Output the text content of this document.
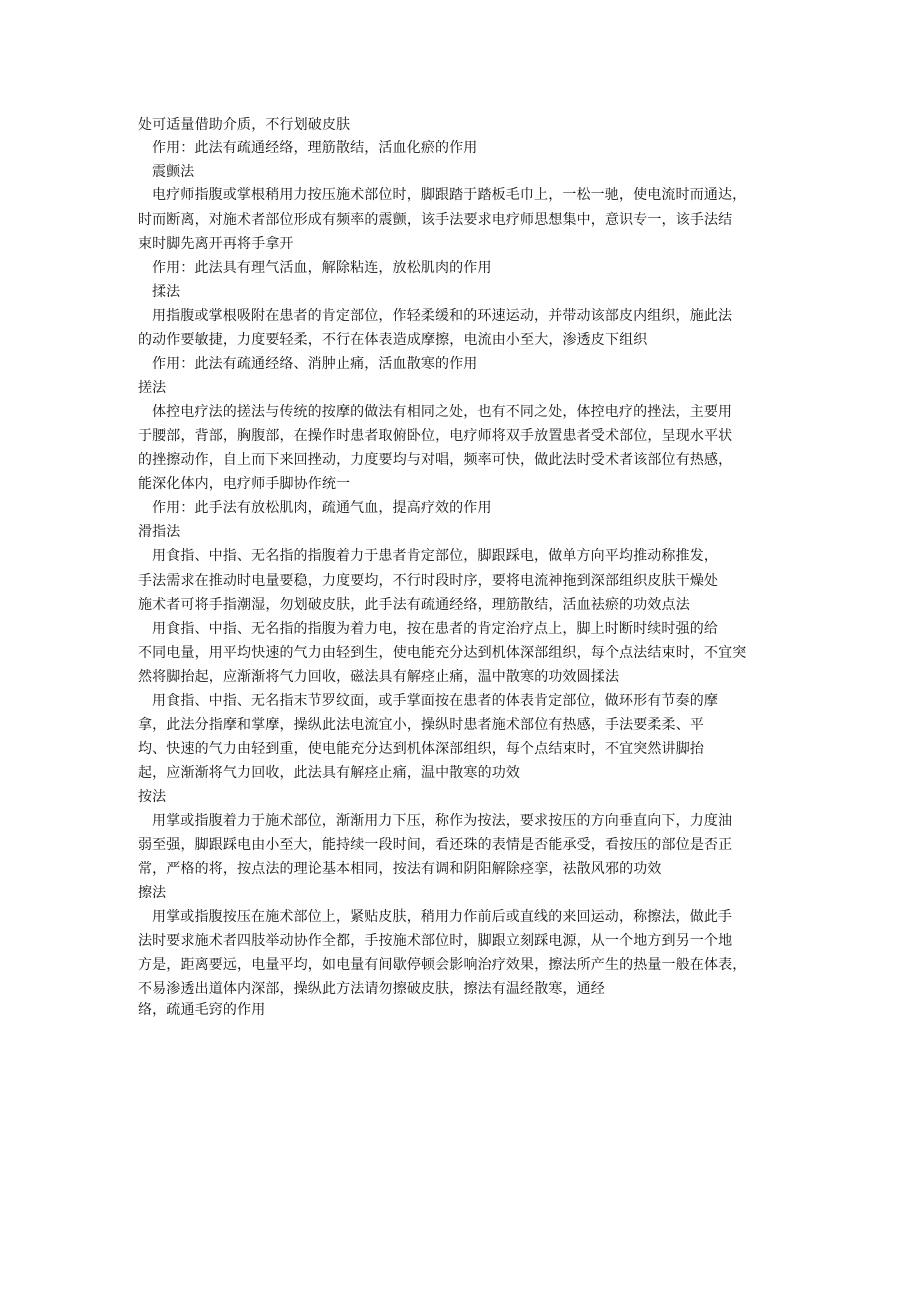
处可适量借助介质，不行划破皮肤
作用：此法有疏通经络，理筋散结，活血化瘀的作用
震颤法
电疗师指腹或掌根稍用力按压施术部位时，脚跟踏于踏板毛巾上，一松一驰，使电流时而通达，
时而断离，对施术者部位形成有频率的震颤，该手法要求电疗师思想集中，意识专一，该手法结
束时脚先离开再将手拿开
作用：此法具有理气活血，解除粘连，放松肌肉的作用
揉法
用指腹或掌根吸附在患者的肯定部位，作轻柔缓和的环速运动，并带动该部皮内组织，施此法
的动作要敏捷，力度要轻柔，不行在体表造成摩擦，电流由小至大，渗透皮下组织
作用：此法有疏通经络、消肿止痛，活血散寒的作用
搓法
体控电疗法的搓法与传统的按摩的做法有相同之处，也有不同之处，体控电疗的挫法，主要用
于腰部，背部，胸腹部，在操作时患者取俯卧位，电疗师将双手放置患者受术部位，呈现水平状
的挫擦动作，自上而下来回挫动，力度要均与对唱，频率可快，做此法时受术者该部位有热感，
能深化体内，电疗师手脚协作统一
作用：此手法有放松肌肉，疏通气血，提高疗效的作用
滑指法
用食指、中指、无名指的指腹着力于患者肯定部位，脚跟踩电，做单方向平均推动称推发，
手法需求在推动时电量要稳，力度要均，不行时段时序，要将电流神拖到深部组织皮肤干燥处
施术者可将手指潮湿，勿划破皮肤，此手法有疏通经络，理筋散结，活血祛瘀的功效点法
用食指、中指、无名指的指腹为着力电，按在患者的肯定治疗点上，脚上时断时续时强的给
不同电量，用平均快速的气力由轻到生，使电能充分达到机体深部组织，每个点法结束时，不宜突
然将脚抬起，应渐渐将气力回收，磁法具有解痉止痛，温中散寒的功效圆揉法
用食指、中指、无名指末节罗纹面，或手掌面按在患者的体表肯定部位，做环形有节奏的摩
拿，此法分指摩和掌摩，操纵此法电流宜小，操纵时患者施术部位有热感，手法要柔柔、平
均、快速的气力由轻到重，使电能充分达到机体深部组织，每个点结束时，不宜突然讲脚抬
起，应渐渐将气力回收，此法具有解痉止痛，温中散寒的功效
按法
用掌或指腹着力于施术部位，渐渐用力下压，称作为按法，要求按压的方向垂直向下，力度油
弱至强，脚跟踩电由小至大，能持续一段时间，看还珠的表情是否能承受，看按压的部位是否正
常，严格的将，按点法的理论基本相同，按法有调和阴阳解除痉挛，祛散风邪的功效
擦法
用掌或指腹按压在施术部位上，紧贴皮肤，稍用力作前后或直线的来回运动，称擦法，做此手
法时要求施术者四肢举动协作全都，手按施术部位时，脚跟立刻踩电源，从一个地方到另一个地
方是，距离要远，电量平均，如电量有间歇停顿会影响治疗效果，擦法所产生的热量一般在体表，
不易渗透出道体内深部，操纵此方法请勿擦破皮肤，擦法有温经散寒，通经
络，疏通毛窍的作用
